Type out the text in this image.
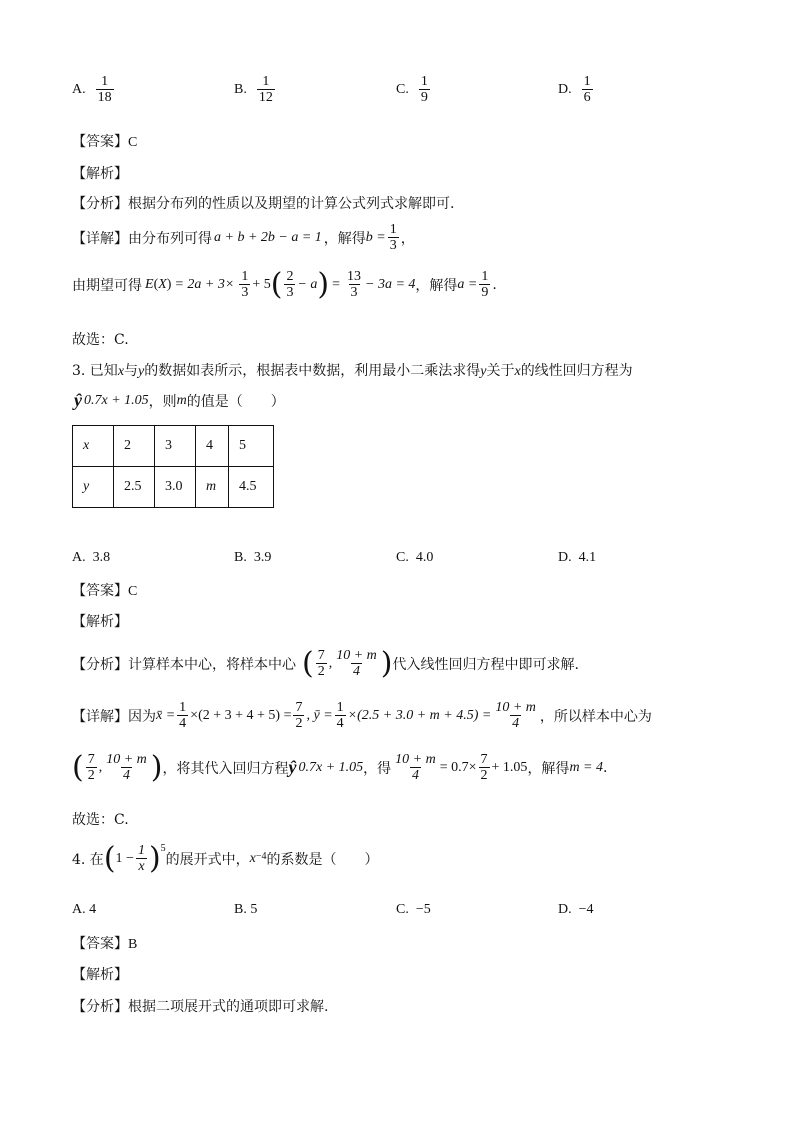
A. $\frac{1}{18}$	B. $\frac{1}{12}$	C. $\frac{1}{9}$	D. $\frac{1}{6}$
【答案】C
【解析】
【分析】根据分布列的性质以及期望的计算公式列式求解即可.
【详解】 由分布列可得 a + b + 2b − a = 1 ，解得 $b = \frac{1}{3}$ ，
由期望可得 E ( X ) = $2a + 3\times \frac{1}{3} + 5$ ( $\frac{2}{3} - a$ ) = $\frac{13}{3} - 3a = 4$ ，解得 $a = \frac{1}{9}$ .
故选：C.
3. 已知x与y的数据如表所示，根据表中数据，利用最小二乘法求得y关于x的线性回归方程为
ŷ 0.7x + 1.05 ，则 m 的值是（　　）
x	2	3	4	5
y	2.5	3.0	m	4.5
A. 3.8	B. 3.9	C. 4.0	D. 4.1
【答案】C
【解析】
【分析】 计算样本中心，将样本中心 ( $\frac{7}{2}$ , $\frac{10 + m}{4}$ ) 代入线性回归方程中即可求解.
【详解】 因为 x̄ = $\frac{1}{4} \times(2 + 3 + 4 + 5) = \frac{7}{2}$ , ȳ = $\frac{1}{4} \times(2.5 + 3.0 + m + 4.5) = \frac{10 + m}{4}$ ，所以样本中心为
( $\frac{7}{2}$ , $\frac{10 + m}{4}$ ) ，将其代入回归方程 ŷ 0.7x + 1.05 ，得 $\frac{10 + m}{4} = 0.7\times \frac{7}{2} + 1.05$ ，解得 m = 4 .
故选：C.
4. 在 ( $1 - \frac{1}{x}$ ) 5
的展开式中， x −4 的系数是（　　）
A. 4	B. 5	C. −5	D. −4
【答案】B
【解析】
【分析】根据二项展开式的通项即可求解.
